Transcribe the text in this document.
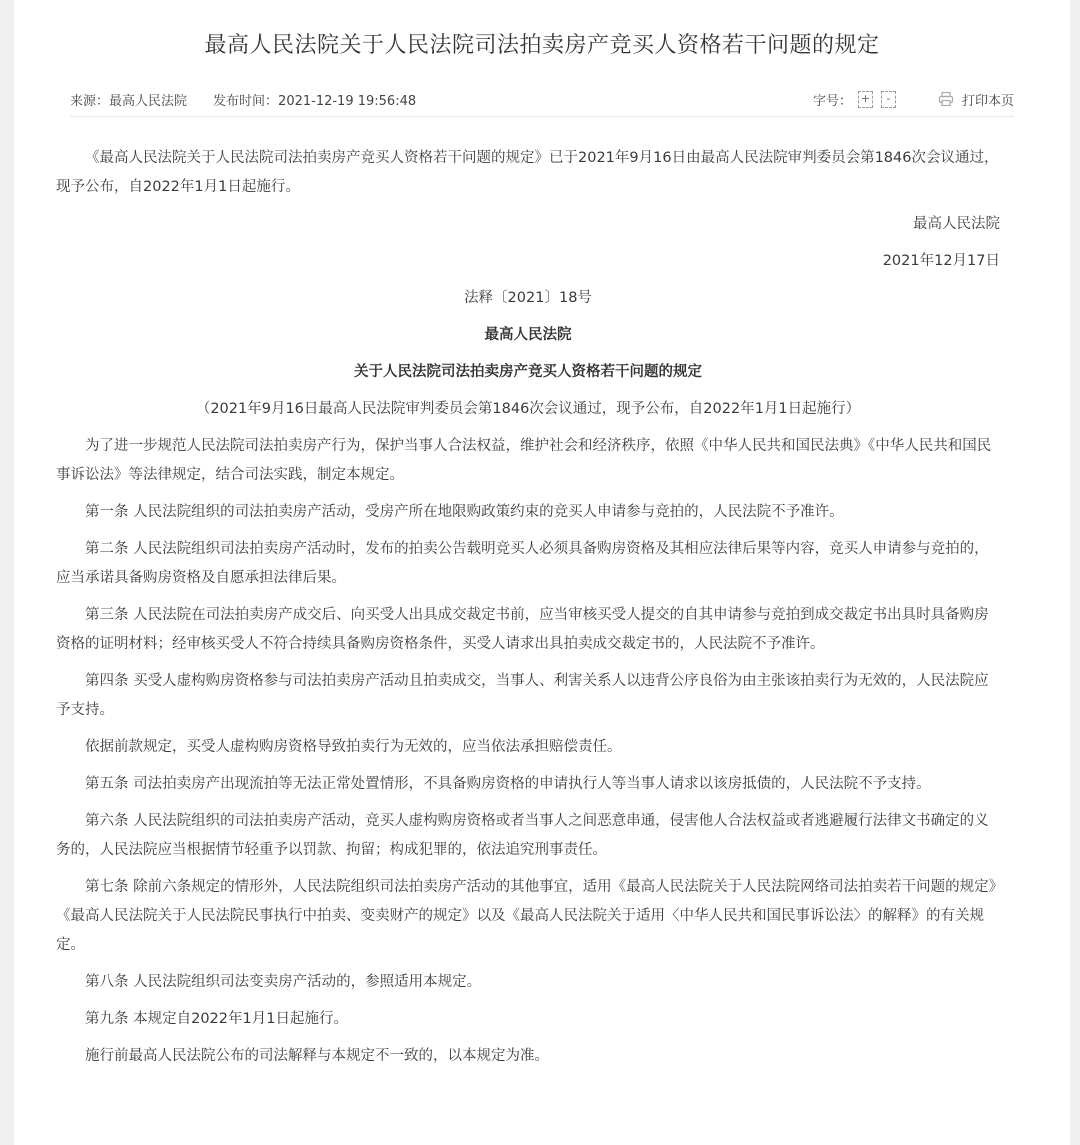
最高人民法院关于人民法院司法拍卖房产竞买人资格若干问题的规定
来源：最高人民法院 发布时间：2021-12-19 19:56:48	字号： +	-	打印本页

《最高人民法院关于人民法院司法拍卖房产竞买人资格若干问题的规定》已于2021年9月16日由最高人民法院审判委员会第1846次会议通过，现予公布，自2022年1月1日起施行。

最高人民法院

2021年12月17日

法释〔2021〕18号

最高人民法院

关于人民法院司法拍卖房产竞买人资格若干问题的规定

（2021年9月16日最高人民法院审判委员会第1846次会议通过，现予公布，自2022年1月1日起施行）

为了进一步规范人民法院司法拍卖房产行为，保护当事人合法权益，维护社会和经济秩序，依照《中华人民共和国民法典》《中华人民共和国民事诉讼法》等法律规定，结合司法实践，制定本规定。

第一条 人民法院组织的司法拍卖房产活动，受房产所在地限购政策约束的竞买人申请参与竞拍的，人民法院不予准许。

第二条 人民法院组织司法拍卖房产活动时，发布的拍卖公告载明竞买人必须具备购房资格及其相应法律后果等内容，竞买人申请参与竞拍的，应当承诺具备购房资格及自愿承担法律后果。

第三条 人民法院在司法拍卖房产成交后、向买受人出具成交裁定书前，应当审核买受人提交的自其申请参与竞拍到成交裁定书出具时具备购房资格的证明材料；经审核买受人不符合持续具备购房资格条件，买受人请求出具拍卖成交裁定书的，人民法院不予准许。

第四条 买受人虚构购房资格参与司法拍卖房产活动且拍卖成交，当事人、利害关系人以违背公序良俗为由主张该拍卖行为无效的，人民法院应予支持。

依据前款规定，买受人虚构购房资格导致拍卖行为无效的，应当依法承担赔偿责任。

第五条 司法拍卖房产出现流拍等无法正常处置情形，不具备购房资格的申请执行人等当事人请求以该房抵债的，人民法院不予支持。

第六条 人民法院组织的司法拍卖房产活动，竞买人虚构购房资格或者当事人之间恶意串通，侵害他人合法权益或者逃避履行法律文书确定的义务的，人民法院应当根据情节轻重予以罚款、拘留；构成犯罪的，依法追究刑事责任。

第七条 除前六条规定的情形外，人民法院组织司法拍卖房产活动的其他事宜，适用《最高人民法院关于人民法院网络司法拍卖若干问题的规定》《最高人民法院关于人民法院民事执行中拍卖、变卖财产的规定》以及《最高人民法院关于适用〈中华人民共和国民事诉讼法〉的解释》的有关规定。

第八条 人民法院组织司法变卖房产活动的，参照适用本规定。

第九条 本规定自2022年1月1日起施行。

施行前最高人民法院公布的司法解释与本规定不一致的，以本规定为准。
